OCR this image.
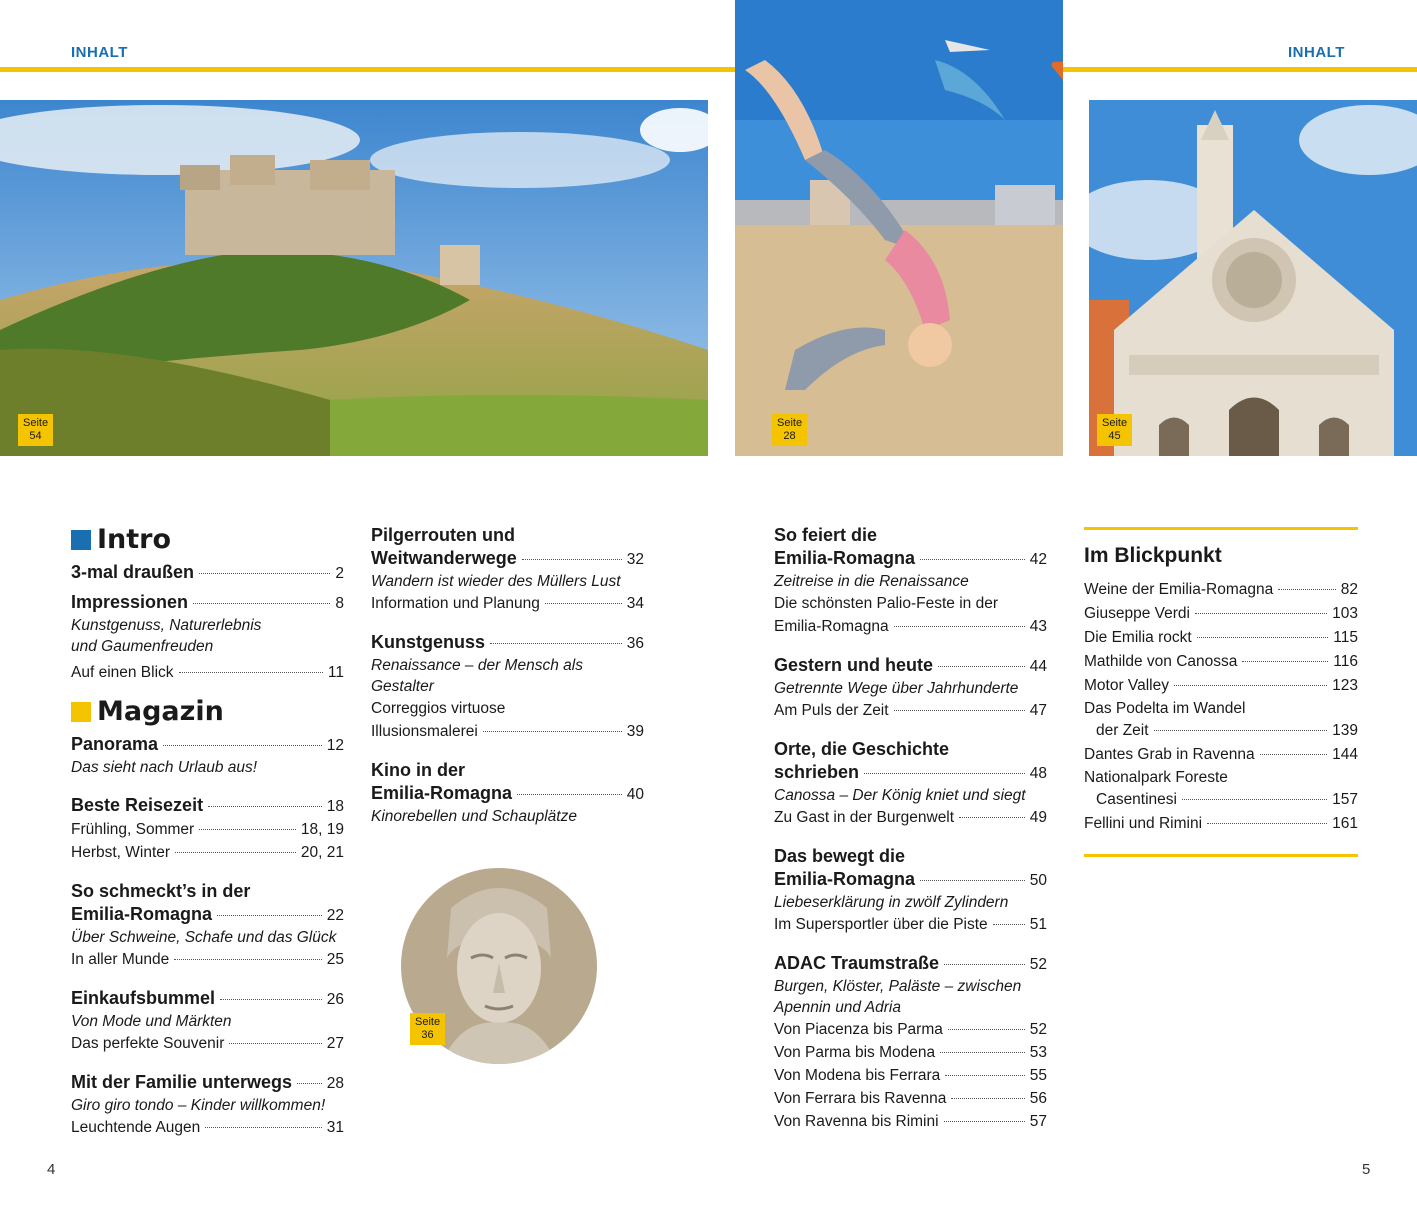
INHALT	INHALT
Seite
54
Seite
28
Seite
45
Intro
3-mal draußen	2
Impressionen	8
Kunstgenuss, Naturerlebnis
und Gaumenfreuden
Auf einen Blick	11
Magazin
Panorama	12
Das sieht nach Urlaub aus!
Beste Reisezeit	18
Frühling, Sommer	18, 19
Herbst, Winter	20, 21
So schmeckt’s in der
Emilia-Romagna	22
Über Schweine, Schafe und das Glück
In aller Munde	25
Einkaufsbummel	26
Von Mode und Märkten
Das perfekte Souvenir	27
Mit der Familie unterwegs 28
Giro giro tondo – Kinder willkommen!
Leuchtende Augen	31
Pilgerrouten und
Weitwanderwege	32
Wandern ist wieder des Müllers Lust
Information und Planung	34
Kunstgenuss	36
Renaissance – der Mensch als Gestalter
Correggios virtuose
Illusionsmalerei	39
Kino in der
Emilia-Romagna	40
Kinorebellen und Schauplätze
Seite
36
So feiert die
Emilia-Romagna	42
Zeitreise in die Renaissance
Die schönsten Palio-Feste in der
Emilia-Romagna	43
Gestern und heute	44
Getrennte Wege über Jahrhunderte
Am Puls der Zeit	47
Orte, die Geschichte
schrieben	48
Canossa – Der König kniet und siegt
Zu Gast in der Burgenwelt	49
Das bewegt die
Emilia-Romagna	50
Liebeserklärung in zwölf Zylindern
Im Supersportler über die Piste	51
ADAC Traumstraße	52
Burgen, Klöster, Paläste – zwischen
Apennin und Adria
Von Piacenza bis Parma	52
Von Parma bis Modena	53
Von Modena bis Ferrara	55
Von Ferrara bis Ravenna	56
Von Ravenna bis Rimini	57
Im Blickpunkt
Weine der Emilia-Romagna	82
Giuseppe Verdi	103
Die Emilia rockt	115
Mathilde von Canossa	116
Motor Valley	123
Das Podelta im Wandel
der Zeit	139
Dantes Grab in Ravenna	144
Nationalpark Foreste
Casentinesi	157
Fellini und Rimini	161
4	5
